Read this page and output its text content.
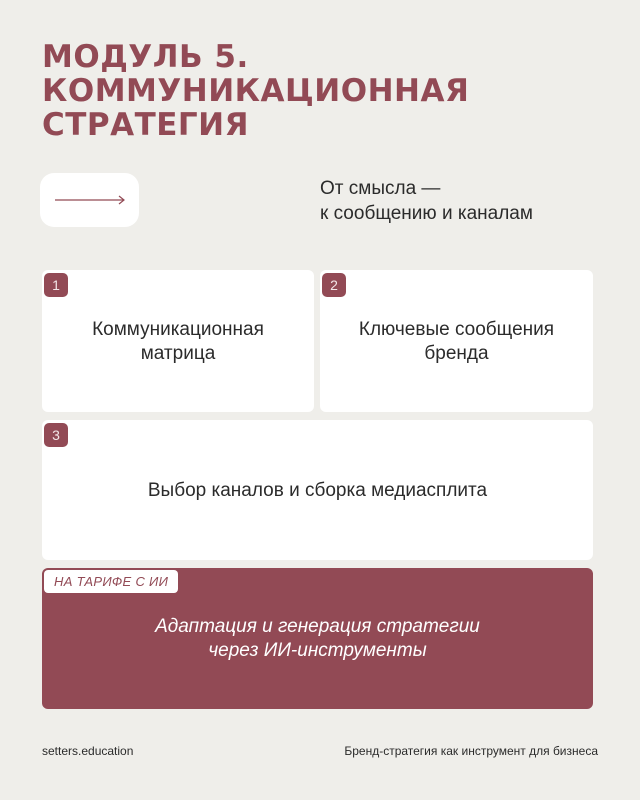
МОДУЛЬ 5.
КОММУНИКАЦИОННАЯ
СТРАТЕГИЯ
От смысла —
к сообщению и каналам
1
Коммуникационная
матрица
2
Ключевые сообщения
бренда
3
Выбор каналов и сборка медиасплита
НА ТАРИФЕ С ИИ
Адаптация и генерация стратегии
через ИИ-инструменты
setters.education	Бренд-стратегия как инструмент для бизнеса
